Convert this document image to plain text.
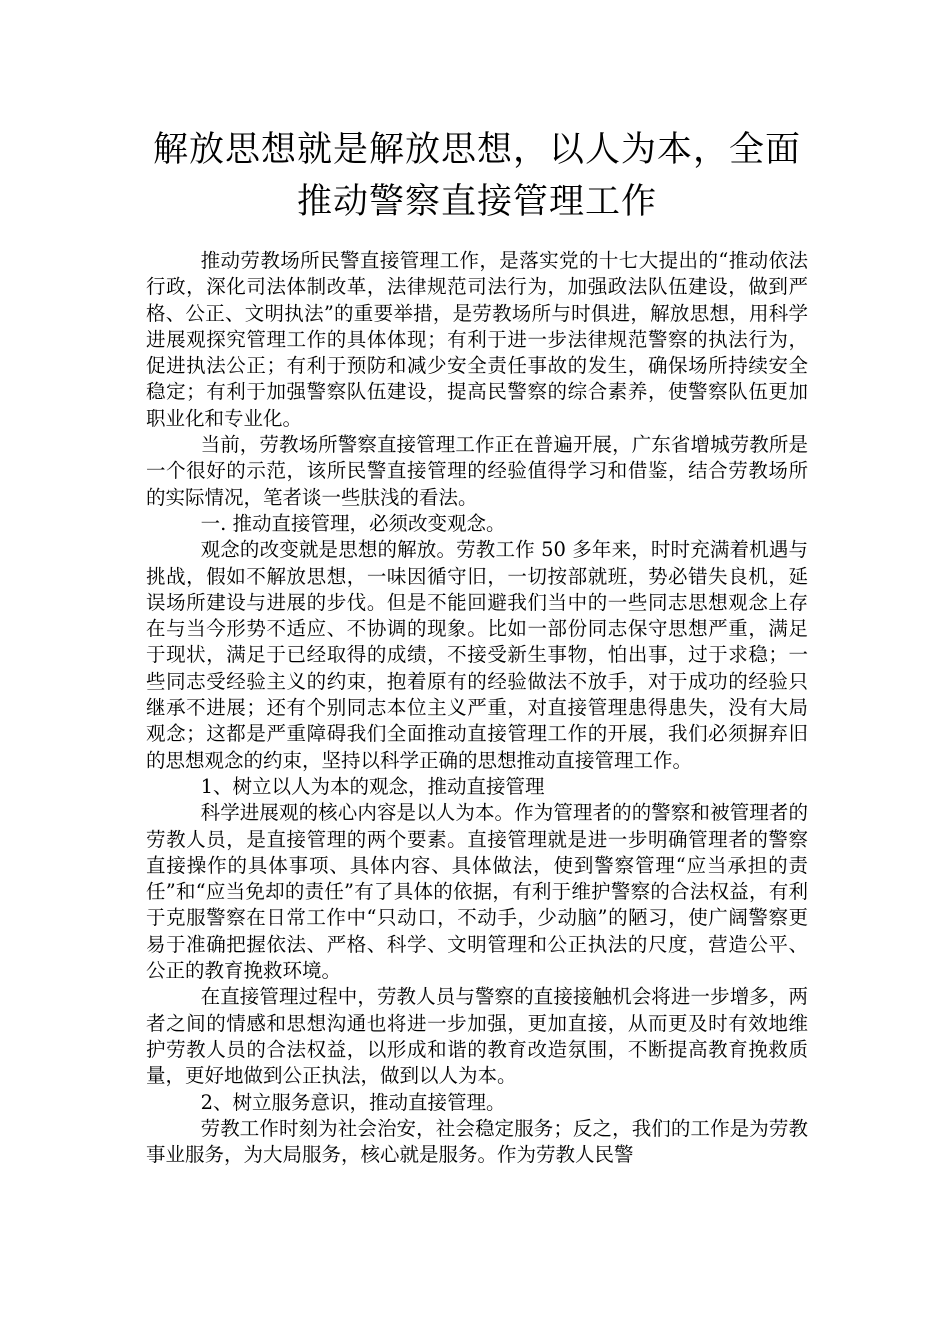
解放思想就是解放思想，以人为本，全面
推动警察直接管理工作

推动劳教场所民警直接管理工作，是落实党的十七大提出的“推动依法行政，深化司法体制改革，法律规范司法行为，加强政法队伍建设，做到严格、公正、文明执法”的重要举措，是劳教场所与时俱进，解放思想，用科学进展观探究管理工作的具体体现；有利于进一步法律规范警察的执法行为，促进执法公正；有利于预防和减少安全责任事故的发生，确保场所持续安全稳定；有利于加强警察队伍建设，提高民警察的综合素养，使警察队伍更加职业化和专业化。

当前，劳教场所警察直接管理工作正在普遍开展，广东省增城劳教所是一个很好的示范，该所民警直接管理的经验值得学习和借鉴，结合劳教场所的实际情况，笔者谈一些肤浅的看法。

一. 推动直接管理，必须改变观念。

观念的改变就是思想的解放。劳教工作 50 多年来，时时充满着机遇与挑战，假如不解放思想，一味因循守旧，一切按部就班，势必错失良机，延误场所建设与进展的步伐。但是不能回避我们当中的一些同志思想观念上存在与当今形势不适应、不协调的现象。比如一部份同志保守思想严重，满足于现状，满足于已经取得的成绩，不接受新生事物，怕出事，过于求稳；一些同志受经验主义的约束，抱着原有的经验做法不放手，对于成功的经验只继承不进展；还有个别同志本位主义严重，对直接管理患得患失，没有大局观念；这都是严重障碍我们全面推动直接管理工作的开展，我们必须摒弃旧的思想观念的约束，坚持以科学正确的思想推动直接管理工作。

1、树立以人为本的观念，推动直接管理

科学进展观的核心内容是以人为本。作为管理者的的警察和被管理者的劳教人员，是直接管理的两个要素。直接管理就是进一步明确管理者的警察直接操作的具体事项、具体内容、具体做法，使到警察管理“应当承担的责任”和“应当免却的责任”有了具体的依据，有利于维护警察的合法权益，有利于克服警察在日常工作中“只动口，不动手，少动脑”的陋习，使广阔警察更易于准确把握依法、严格、科学、文明管理和公正执法的尺度，营造公平、公正的教育挽救环境。

在直接管理过程中，劳教人员与警察的直接接触机会将进一步增多，两者之间的情感和思想沟通也将进一步加强，更加直接，从而更及时有效地维护劳教人员的合法权益，以形成和谐的教育改造氛围，不断提高教育挽救质量，更好地做到公正执法，做到以人为本。

2、树立服务意识，推动直接管理。

劳教工作时刻为社会治安，社会稳定服务；反之，我们的工作是为劳教事业服务，为大局服务，核心就是服务。作为劳教人民警
